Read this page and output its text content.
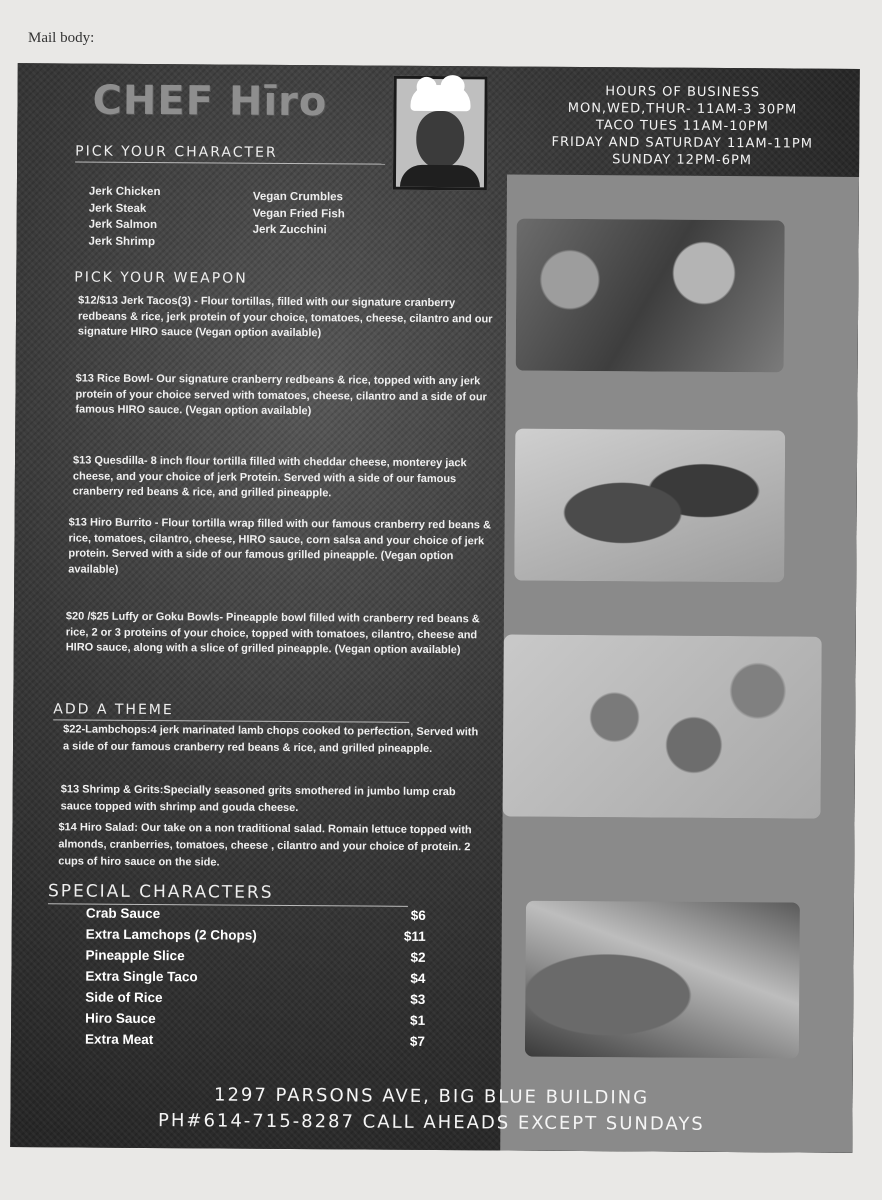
Mail body:
CHEF Hīro	HOURS OF BUSINESS
MON,WED,THUR- 11AM-3 30PM
TACO TUES 11AM-10PM
FRIDAY AND SATURDAY 11AM-11PM
SUNDAY 12PM-6PM
PICK YOUR CHARACTER
Jerk Chicken
Jerk Steak
Jerk Salmon
Jerk Shrimp
Vegan Crumbles
Vegan Fried Fish
Jerk Zucchini
PICK YOUR WEAPON
$12/$13 Jerk Tacos(3) - Flour tortillas, filled with our signature cranberry redbeans & rice, jerk protein of your choice, tomatoes, cheese, cilantro and our signature HIRO sauce (Vegan option available)
$13 Rice Bowl- Our signature cranberry redbeans & rice, topped with any jerk protein of your choice served with tomatoes, cheese, cilantro and a side of our famous HIRO sauce. (Vegan option available)
$13 Quesdilla- 8 inch flour tortilla filled with cheddar cheese, monterey jack cheese, and your choice of jerk Protein. Served with a side of our famous cranberry red beans & rice, and grilled pineapple.
$13 Hiro Burrito - Flour tortilla wrap filled with our famous cranberry red beans & rice, tomatoes, cilantro, cheese, HIRO sauce, corn salsa and your choice of jerk protein. Served with a side of our famous grilled pineapple. (Vegan option available)
$20 /$25 Luffy or Goku Bowls- Pineapple bowl filled with cranberry red beans & rice, 2 or 3 proteins of your choice, topped with tomatoes, cilantro, cheese and HIRO sauce, along with a slice of grilled pineapple. (Vegan option available)
ADD A THEME
$22-Lambchops:4 jerk marinated lamb chops cooked to perfection, Served with a side of our famous cranberry red beans & rice, and grilled pineapple.
$13 Shrimp & Grits:Specially seasoned grits smothered in jumbo lump crab sauce topped with shrimp and gouda cheese.
$14 Hiro Salad: Our take on a non traditional salad. Romain lettuce topped with almonds, cranberries, tomatoes, cheese , cilantro and your choice of protein. 2 cups of hiro sauce on the side.
SPECIAL CHARACTERS
Crab Sauce	$6
Extra Lamchops (2 Chops)	$11
Pineapple Slice	$2
Extra Single Taco	$4
Side of Rice	$3
Hiro Sauce	$1
Extra Meat	$7
1297 PARSONS AVE, BIG BLUE BUILDING
PH#614-715-8287 CALL AHEADS EXCEPT SUNDAYS
